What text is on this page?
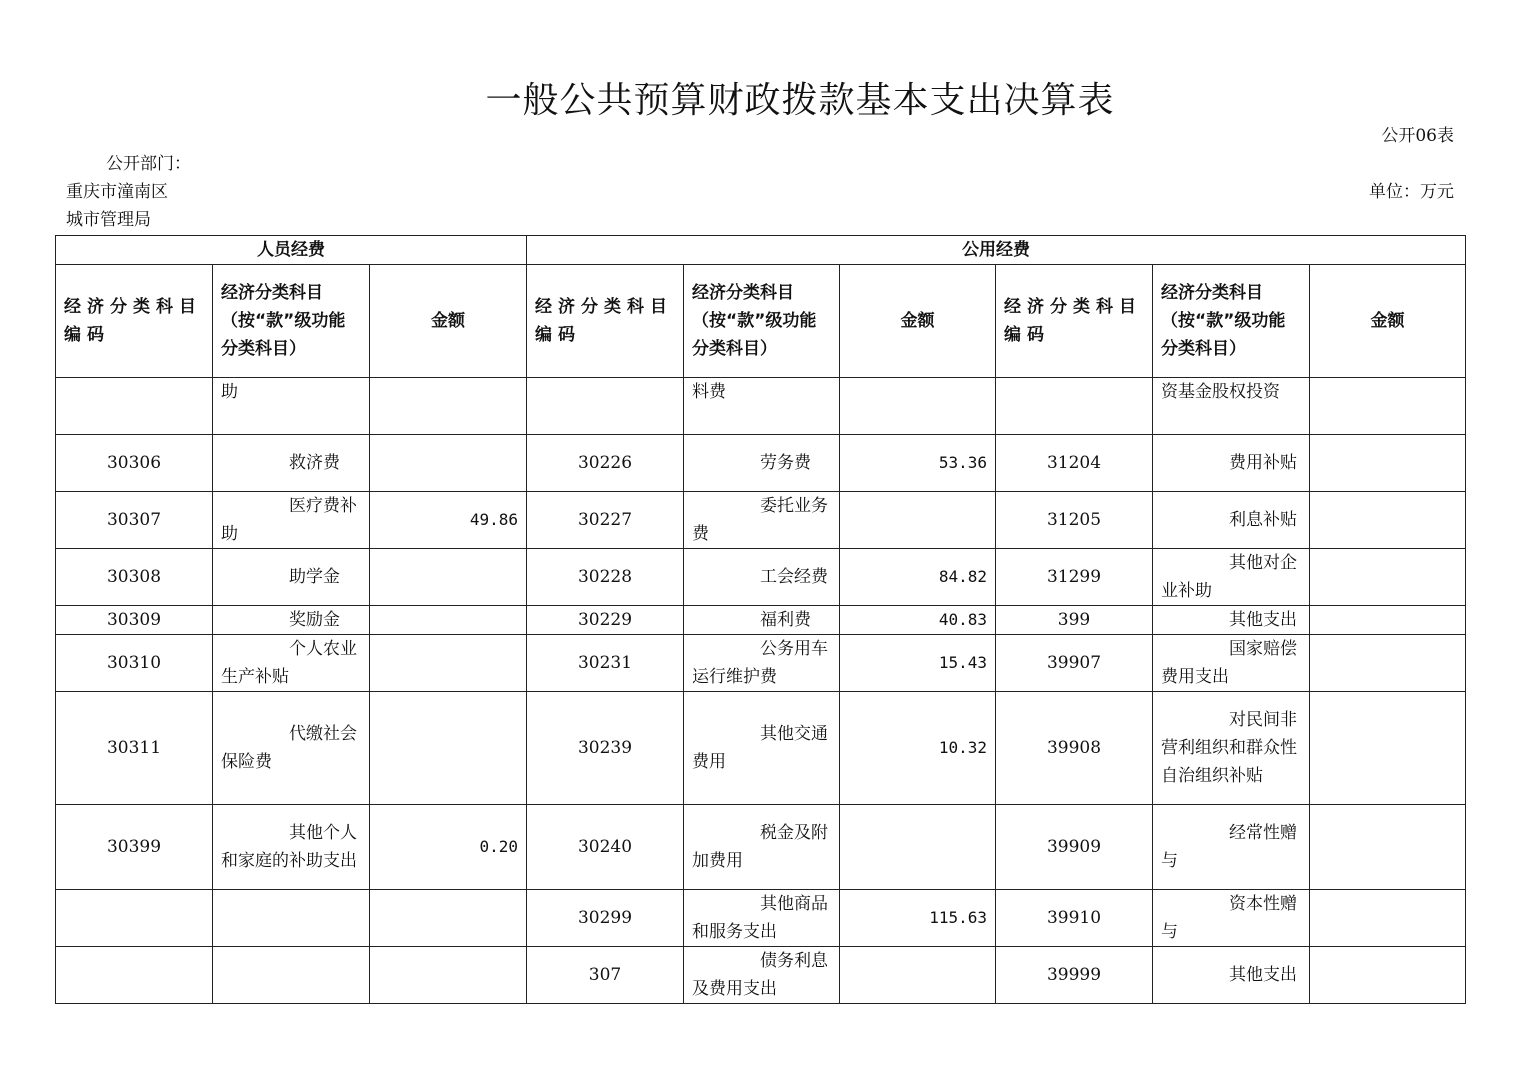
一般公共预算财政拨款基本支出决算表
公开06表
公开部门：
重庆市潼南区
城市管理局
单位：万元
人员经费			公用经费					
经济分类科目编码	经济分类科目（按“款”级功能分类科目）	金额	经济分类科目编码	经济分类科目（按“款”级功能分类科目）	金额	经济分类科目编码	经济分类科目（按“款”级功能分类科目）	金额
	助			料费			资基金股权投资	
30306	救济费		30226	劳务费	53.36	31204	费用补贴	
30307	医疗费补助	49.86	30227	委托业务费		31205	利息补贴	
30308	助学金		30228	工会经费	84.82	31299	其他对企业补助	
30309	奖励金		30229	福利费	40.83	399	其他支出	
30310	个人农业生产补贴		30231	公务用车运行维护费	15.43	39907	国家赔偿费用支出	
30311	代缴社会保险费		30239	其他交通费用	10.32	39908	对民间非营利组织和群众性自治组织补贴	
30399	其他个人和家庭的补助支出	0.20	30240	税金及附加费用		39909	经常性赠与	
			30299	其他商品和服务支出	115.63	39910	资本性赠与	
			307	债务利息及费用支出		39999	其他支出	
